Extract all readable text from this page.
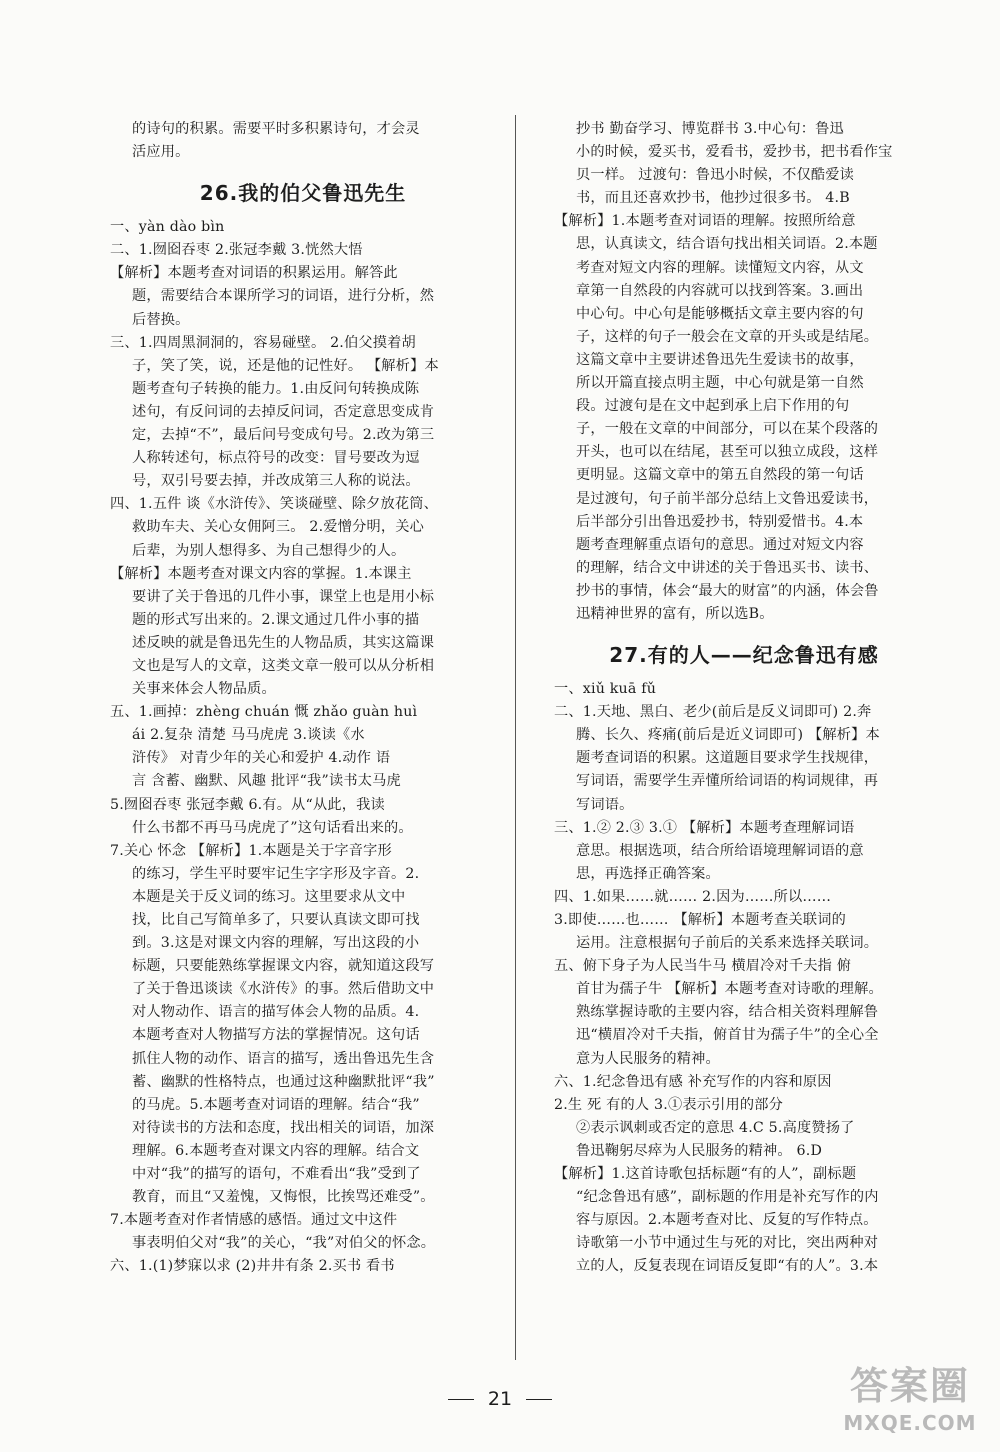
的诗句的积累。需要平时多积累诗句，才会灵

活应用。

26.我的伯父鲁迅先生

一、yàn dào bìn

二、1.囫囵吞枣 2.张冠李戴 3.恍然大悟

【解析】本题考查对词语的积累运用。解答此

题，需要结合本课所学习的词语，进行分析，然

后替换。

三、1.四周黑洞洞的，容易碰壁。 2.伯父摸着胡

子，笑了笑，说，还是他的记性好。 【解析】本

题考查句子转换的能力。1.由反问句转换成陈

述句，有反问词的去掉反问词，否定意思变成肯

定，去掉“不”，最后问号变成句号。2.改为第三

人称转述句，标点符号的改变：冒号要改为逗

号，双引号要去掉，并改成第三人称的说法。

四、1.五件 谈《水浒传》、笑谈碰壁、除夕放花筒、

救助车夫、关心女佣阿三。 2.爱憎分明，关心

后辈，为别人想得多、为自己想得少的人。

【解析】本题考查对课文内容的掌握。1.本课主

要讲了关于鲁迅的几件小事，课堂上也是用小标

题的形式写出来的。2.课文通过几件小事的描

述反映的就是鲁迅先生的人物品质，其实这篇课

文也是写人的文章，这类文章一般可以从分析相

关事来体会人物品质。

五、1.画掉：zhèng chuán 慨 zhǎo guàn huì

ái 2.复杂 清楚 马马虎虎 3.谈读《水

浒传》 对青少年的关心和爱护 4.动作 语

言 含蓄、幽默、风趣 批评“我”读书太马虎

5.囫囵吞枣 张冠李戴 6.有。从“从此，我读

什么书都不再马马虎虎了”这句话看出来的。

7.关心 怀念 【解析】1.本题是关于字音字形

的练习，学生平时要牢记生字字形及字音。2.

本题是关于反义词的练习。这里要求从文中

找，比自己写简单多了，只要认真读文即可找

到。3.这是对课文内容的理解，写出这段的小

标题，只要能熟练掌握课文内容，就知道这段写

了关于鲁迅谈读《水浒传》的事。然后借助文中

对人物动作、语言的描写体会人物的品质。4.

本题考查对人物描写方法的掌握情况。这句话

抓住人物的动作、语言的描写，透出鲁迅先生含

蓄、幽默的性格特点，也通过这种幽默批评“我”

的马虎。5.本题考查对词语的理解。结合“我”

对待读书的方法和态度，找出相关的词语，加深

理解。6.本题考查对课文内容的理解。结合文

中对“我”的描写的语句，不难看出“我”受到了

教育，而且“又羞愧，又悔恨，比挨骂还难受”。

7.本题考查对作者情感的感悟。通过文中这件

事表明伯父对“我”的关心，“我”对伯父的怀念。

六、1.(1)梦寐以求 (2)井井有条 2.买书 看书

抄书 勤奋学习、博览群书 3.中心句：鲁迅

小的时候，爱买书，爱看书，爱抄书，把书看作宝

贝一样。 过渡句：鲁迅小时候，不仅酷爱读

书，而且还喜欢抄书，他抄过很多书。 4.B

【解析】1.本题考查对词语的理解。按照所给意

思，认真读文，结合语句找出相关词语。2.本题

考查对短文内容的理解。读懂短文内容，从文

章第一自然段的内容就可以找到答案。3.画出

中心句。中心句是能够概括文章主要内容的句

子，这样的句子一般会在文章的开头或是结尾。

这篇文章中主要讲述鲁迅先生爱读书的故事，

所以开篇直接点明主题，中心句就是第一自然

段。过渡句是在文中起到承上启下作用的句

子，一般在文章的中间部分，可以在某个段落的

开头，也可以在结尾，甚至可以独立成段，这样

更明显。这篇文章中的第五自然段的第一句话

是过渡句，句子前半部分总结上文鲁迅爱读书，

后半部分引出鲁迅爱抄书，特别爱惜书。4.本

题考查理解重点语句的意思。通过对短文内容

的理解，结合文中讲述的关于鲁迅买书、读书、

抄书的事情，体会“最大的财富”的内涵，体会鲁

迅精神世界的富有，所以选B。

27.有的人——纪念鲁迅有感

一、xiǔ kuā fǔ

二、1.天地、黑白、老少(前后是反义词即可) 2.奔

腾、长久、疼痛(前后是近义词即可) 【解析】本

题考查词语的积累。这道题目要求学生找规律，

写词语，需要学生弄懂所给词语的构词规律，再

写词语。

三、1.② 2.③ 3.① 【解析】本题考查理解词语

意思。根据选项，结合所给语境理解词语的意

思，再选择正确答案。

四、1.如果……就…… 2.因为……所以……

3.即使……也…… 【解析】本题考查关联词的

运用。注意根据句子前后的关系来选择关联词。

五、俯下身子为人民当牛马 横眉冷对千夫指 俯

首甘为孺子牛 【解析】本题考查对诗歌的理解。

熟练掌握诗歌的主要内容，结合相关资料理解鲁

迅“横眉冷对千夫指，俯首甘为孺子牛”的全心全

意为人民服务的精神。

六、1.纪念鲁迅有感 补充写作的内容和原因

2.生 死 有的人 3.①表示引用的部分

②表示讽刺或否定的意思 4.C 5.高度赞扬了

鲁迅鞠躬尽瘁为人民服务的精神。 6.D

【解析】1.这首诗歌包括标题“有的人”，副标题

“纪念鲁迅有感”，副标题的作用是补充写作的内

容与原因。2.本题考查对比、反复的写作特点。

诗歌第一小节中通过生与死的对比，突出两种对

立的人，反复表现在词语反复即“有的人”。3.本

21	答案圈
MXQE.COM
